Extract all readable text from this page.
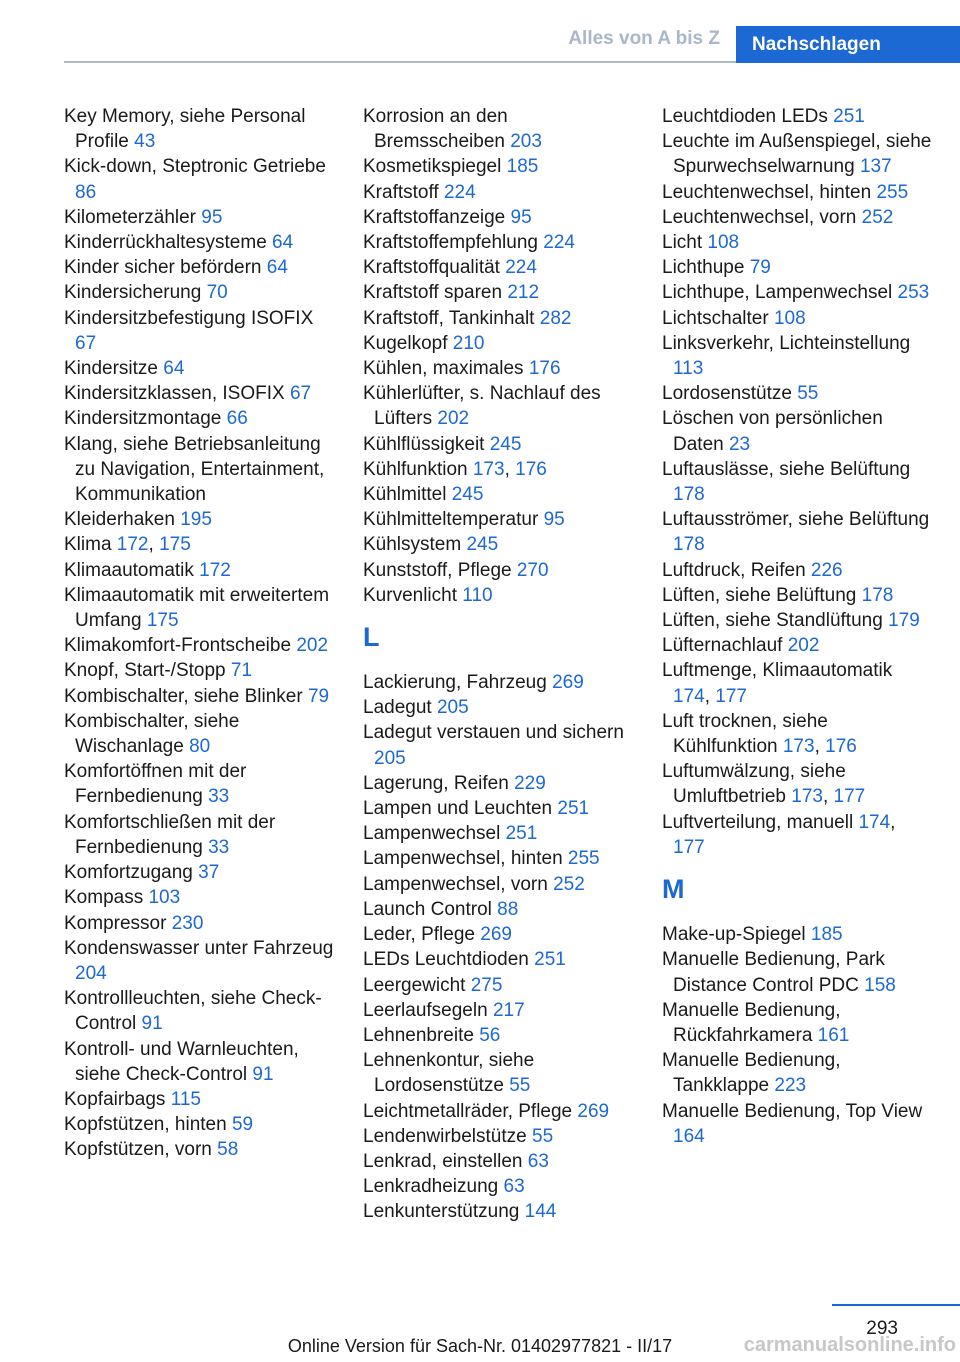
Alles von A bis Z Nachschlagen
Key Memory, siehe Personal Profile 43
Kick-down, Steptronic Getriebe 86
Kilometerzähler 95
Kinderrückhaltesysteme 64
Kinder sicher befördern 64
Kindersicherung 70
Kindersitzbefestigung ISOFIX 67
Kindersitze 64
Kindersitzklassen, ISOFIX 67
Kindersitzmontage 66
Klang, siehe Betriebsanleitung zu Navigation, Entertainment, Kommunikation
Kleiderhaken 195
Klima 172, 175
Klimaautomatik 172
Klimaautomatik mit erweitertem Umfang 175
Klimakomfort-Frontscheibe 202
Knopf, Start-/Stopp 71
Kombischalter, siehe Blinker 79
Kombischalter, siehe Wischanlage 80
Komfortöffnen mit der Fernbedienung 33
Komfortschließen mit der Fernbedienung 33
Komfortzugang 37
Kompass 103
Kompressor 230
Kondenswasser unter Fahrzeug 204
Kontrollleuchten, siehe Check-Control 91
Kontroll- und Warnleuchten, siehe Check-Control 91
Kopfairbags 115
Kopfstützen, hinten 59
Kopfstützen, vorn 58
Korrosion an den Bremsscheiben 203
Kosmetikspiegel 185
Kraftstoff 224
Kraftstoffanzeige 95
Kraftstoffempfehlung 224
Kraftstoffqualität 224
Kraftstoff sparen 212
Kraftstoff, Tankinhalt 282
Kugelkopf 210
Kühlen, maximales 176
Kühlerlüfter, s. Nachlauf des Lüfters 202
Kühlflüssigkeit 245
Kühlfunktion 173, 176
Kühlmittel 245
Kühlmitteltemperatur 95
Kühlsystem 245
Kunststoff, Pflege 270
Kurvenlicht 110
L
Lackierung, Fahrzeug 269
Ladegut 205
Ladegut verstauen und sichern 205
Lagerung, Reifen 229
Lampen und Leuchten 251
Lampenwechsel 251
Lampenwechsel, hinten 255
Lampenwechsel, vorn 252
Launch Control 88
Leder, Pflege 269
LEDs Leuchtdioden 251
Leergewicht 275
Leerlaufsegeln 217
Lehnenbreite 56
Lehnenkontur, siehe Lordosenstütze 55
Leichtmetallräder, Pflege 269
Lendenwirbelstütze 55
Lenkrad, einstellen 63
Lenkradheizung 63
Lenkunterstützung 144
Leuchtdioden LEDs 251
Leuchte im Außenspiegel, siehe Spurwechselwarnung 137
Leuchtenwechsel, hinten 255
Leuchtenwechsel, vorn 252
Licht 108
Lichthupe 79
Lichthupe, Lampenwechsel 253
Lichtschalter 108
Linksverkehr, Lichteinstellung 113
Lordosenstütze 55
Löschen von persönlichen Daten 23
Luftauslässe, siehe Belüftung 178
Luftausströmer, siehe Belüftung 178
Luftdruck, Reifen 226
Lüften, siehe Belüftung 178
Lüften, siehe Standlüftung 179
Lüfternachlauf 202
Luftmenge, Klimaautomatik 174, 177
Luft trocknen, siehe Kühlfunktion 173, 176
Luftumwälzung, siehe Umluftbetrieb 173, 177
Luftverteilung, manuell 174, 177
M
Make-up-Spiegel 185
Manuelle Bedienung, Park Distance Control PDC 158
Manuelle Bedienung, Rückfahrkamera 161
Manuelle Bedienung, Tankklappe 223
Manuelle Bedienung, Top View 164
293
Online Version für Sach-Nr. 01402977821 - II/17	carmanualsonline.info
